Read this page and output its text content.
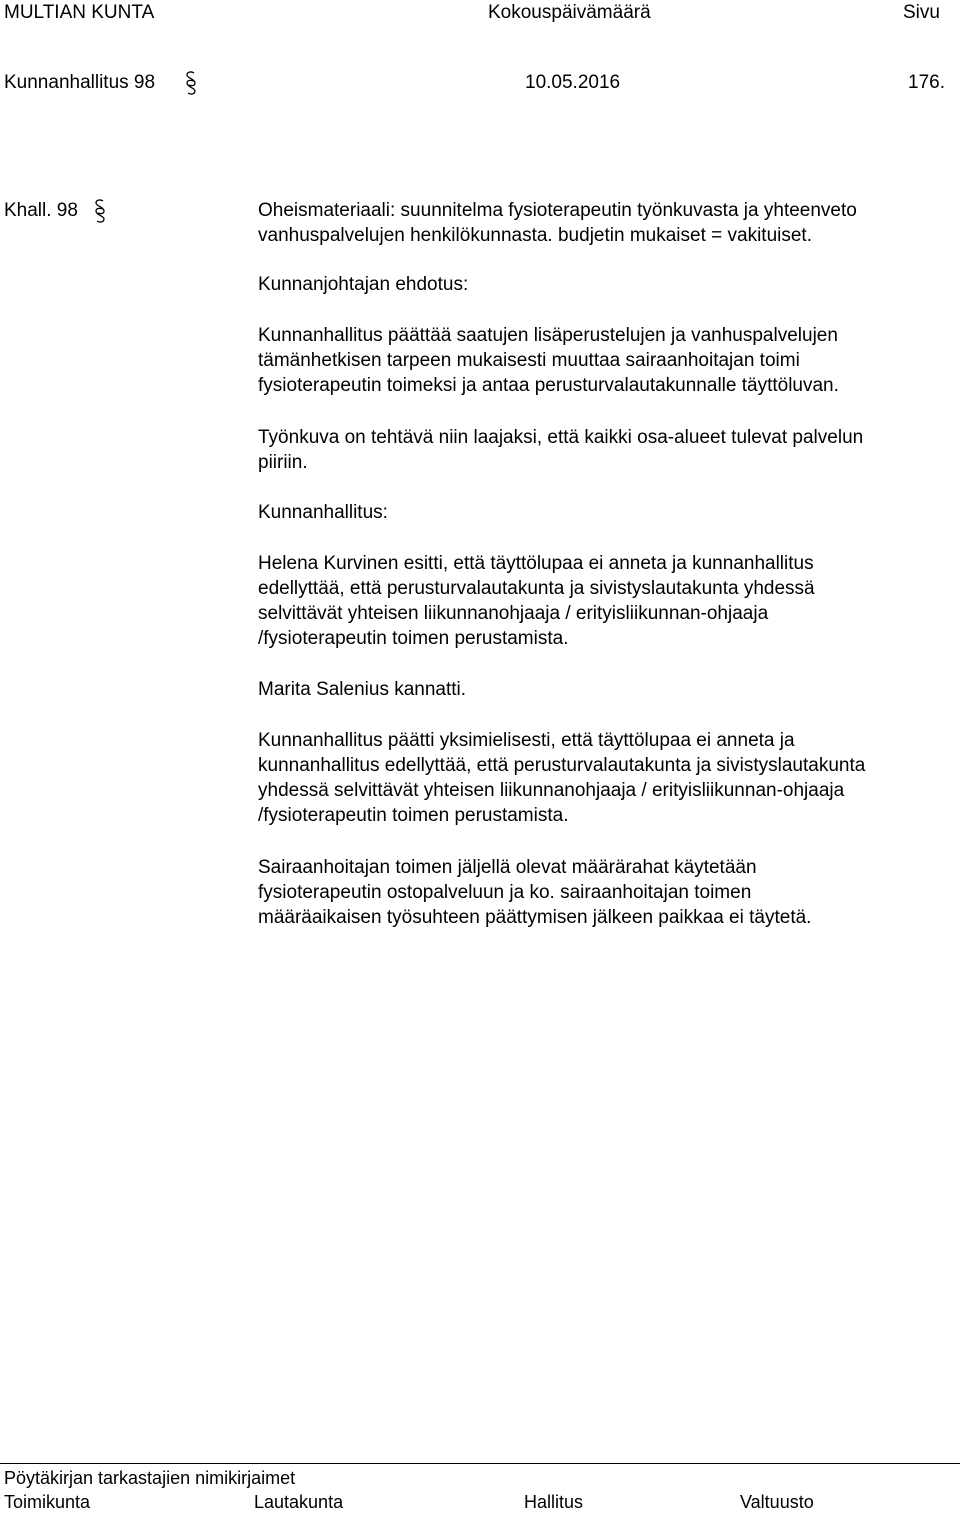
MULTIAN KUNTA	Kokouspäivämäärä	Sivu
Kunnanhallitus 98	10.05.2016	176.
Khall. 98	Oheismateriaali: suunnitelma fysioterapeutin työnkuvasta ja yhteenveto
vanhuspalvelujen henkilökunnasta. budjetin mukaiset = vakituiset.
Kunnanjohtajan ehdotus:
Kunnanhallitus päättää saatujen lisäperustelujen ja vanhuspalvelujen
tämänhetkisen tarpeen mukaisesti muuttaa sairaanhoitajan toimi
fysioterapeutin toimeksi ja antaa perusturvalautakunnalle täyttöluvan.
Työnkuva on tehtävä niin laajaksi, että kaikki osa-alueet tulevat palvelun
piiriin.
Kunnanhallitus:
Helena Kurvinen esitti, että täyttölupaa ei anneta ja kunnanhallitus
edellyttää, että perusturvalautakunta ja sivistyslautakunta yhdessä
selvittävät yhteisen liikunnanohjaaja / erityisliikunnan-ohjaaja
/fysioterapeutin toimen perustamista.
Marita Salenius kannatti.
Kunnanhallitus päätti yksimielisesti, että täyttölupaa ei anneta ja
kunnanhallitus edellyttää, että perusturvalautakunta ja sivistyslautakunta
yhdessä selvittävät yhteisen liikunnanohjaaja / erityisliikunnan-ohjaaja
/fysioterapeutin toimen perustamista.
Sairaanhoitajan toimen jäljellä olevat määrärahat käytetään
fysioterapeutin ostopalveluun ja ko. sairaanhoitajan toimen
määräaikaisen työsuhteen päättymisen jälkeen paikkaa ei täytetä.
Pöytäkirjan tarkastajien nimikirjaimet
Toimikunta	Lautakunta	Hallitus	Valtuusto
